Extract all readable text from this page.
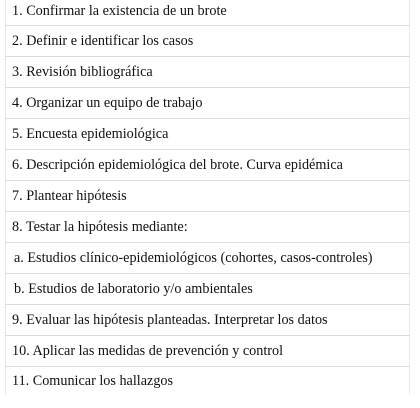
1. Confirmar la existencia de un brote
2. Definir e identificar los casos
3. Revisión bibliográfica
4. Organizar un equipo de trabajo
5. Encuesta epidemiológica
6. Descripción epidemiológica del brote. Curva epidémica
7. Plantear hipótesis
8. Testar la hipótesis mediante:
a. Estudios clínico-epidemiológicos (cohortes, casos-controles)
b. Estudios de laboratorio y/o ambientales
9. Evaluar las hipótesis planteadas. Interpretar los datos
10. Aplicar las medidas de prevención y control
11. Comunicar los hallazgos
